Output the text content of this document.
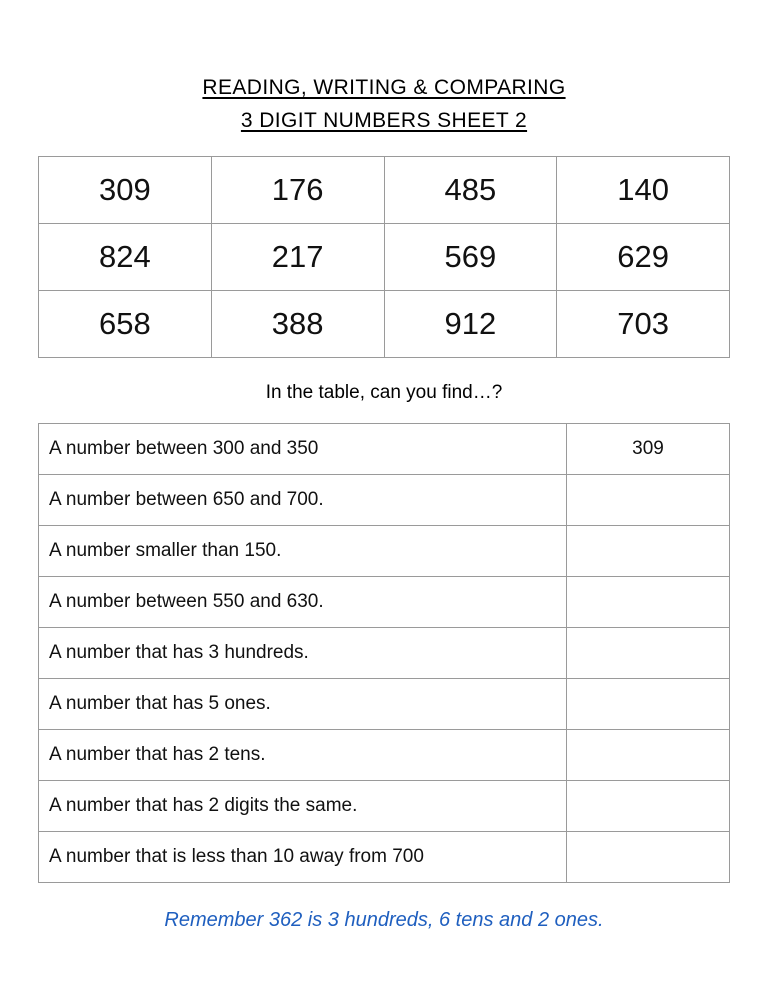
READING, WRITING & COMPARING
3 DIGIT NUMBERS SHEET 2
309	176	485	140
824	217	569	629
658	388	912	703
In the table, can you find…?
A number between 300 and 350	309
A number between 650 and 700.	
A number smaller than 150.	
A number between 550 and 630.	
A number that has 3 hundreds.	
A number that has 5 ones.	
A number that has 2 tens.	
A number that has 2 digits the same.	
A number that is less than 10 away from 700	
Remember 362 is 3 hundreds, 6 tens and 2 ones.
